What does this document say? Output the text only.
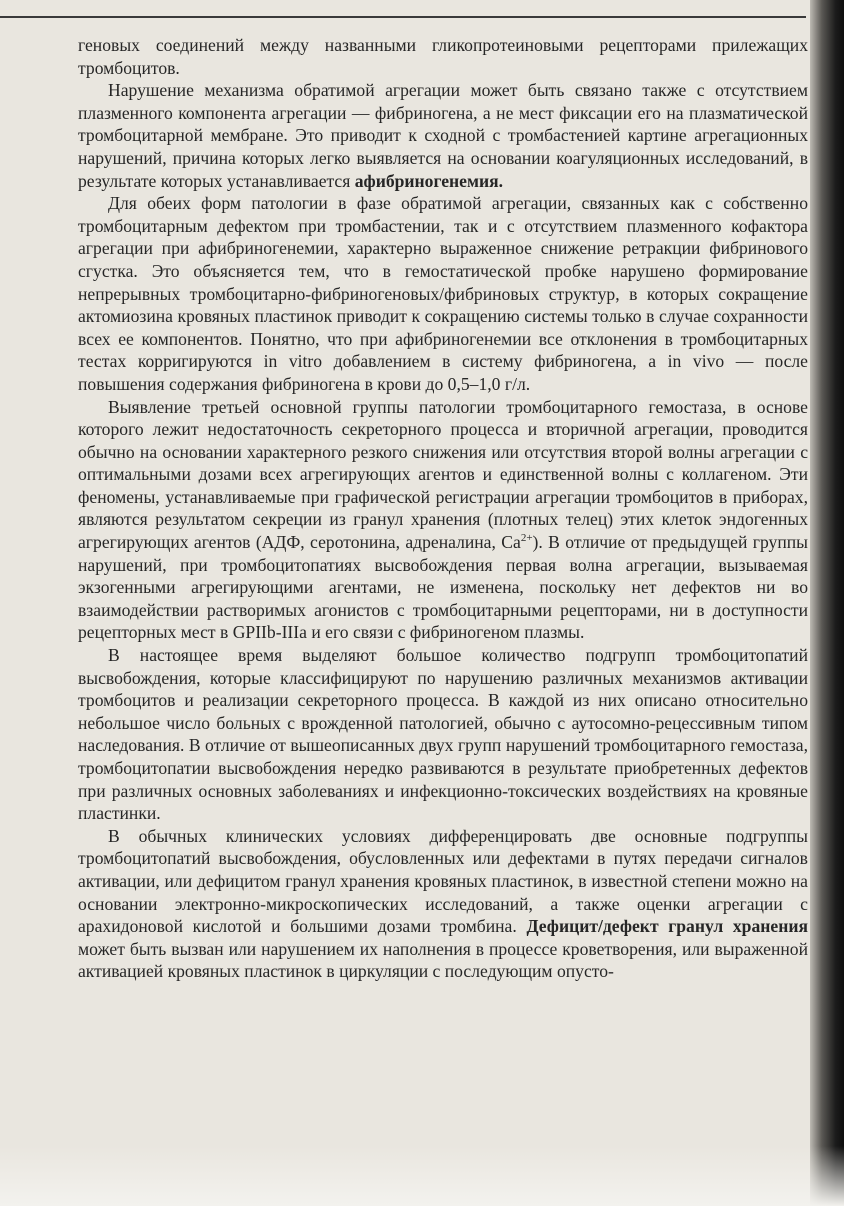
геновых соединений между названными гликопротеиновыми рецепторами прилежащих тромбоцитов.

Нарушение механизма обратимой агрегации может быть связано также с отсутствием плазменного компонента агрегации — фибриногена, а не мест фиксации его на плазматической тромбоцитарной мембране. Это приводит к сходной с тромбастенией картине агрегационных нарушений, причина которых легко выявляется на основании коагуляционных исследований, в результате которых устанавливается афибриногенемия.

Для обеих форм патологии в фазе обратимой агрегации, связанных как с собственно тромбоцитарным дефектом при тромбастении, так и с отсутствием плазменного кофактора агрегации при афибриногенемии, характерно выраженное снижение ретракции фибринового сгустка. Это объясняется тем, что в гемостатической пробке нарушено формирование непрерывных тромбоцитарно-фибриногеновых/фибриновых структур, в которых сокращение актомиозина кровяных пластинок приводит к сокращению системы только в случае сохранности всех ее компонентов. Понятно, что при афибриногенемии все отклонения в тромбоцитарных тестах корригируются in vitro добавлением в систему фибриногена, а in vivo — после повышения содержания фибриногена в крови до 0,5–1,0 г/л.

Выявление третьей основной группы патологии тромбоцитарного гемостаза, в основе которого лежит недостаточность секреторного процесса и вторичной агрегации, проводится обычно на основании характерного резкого снижения или отсутствия второй волны агрегации с оптимальными дозами всех агрегирующих агентов и единственной волны с коллагеном. Эти феномены, устанавливаемые при графической регистрации агрегации тромбоцитов в приборах, являются результатом секреции из гранул хранения (плотных телец) этих клеток эндогенных агрегирующих агентов (АДФ, серотонина, адреналина, $Ca^{2+}$). В отличие от предыдущей группы нарушений, при тромбоцитопатиях высвобождения первая волна агрегации, вызываемая экзогенными агрегирующими агентами, не изменена, поскольку нет дефектов ни во взаимодействии растворимых агонистов с тромбоцитарными рецепторами, ни в доступности рецепторных мест в GPIIb-IIIa и его связи с фибриногеном плазмы.

В настоящее время выделяют большое количество подгрупп тромбоцитопатий высвобождения, которые классифицируют по нарушению различных механизмов активации тромбоцитов и реализации секреторного процесса. В каждой из них описано относительно небольшое число больных с врожденной патологией, обычно с аутосомно-рецессивным типом наследования. В отличие от вышеописанных двух групп нарушений тромбоцитарного гемостаза, тромбоцитопатии высвобождения нередко развиваются в результате приобретенных дефектов при различных основных заболеваниях и инфекционно-токсических воздействиях на кровяные пластинки.

В обычных клинических условиях дифференцировать две основные подгруппы тромбоцитопатий высвобождения, обусловленных или дефектами в путях передачи сигналов активации, или дефицитом гранул хранения кровяных пластинок, в известной степени можно на основании электронно-микроскопических исследований, а также оценки агрегации с арахидоновой кислотой и большими дозами тромбина. Дефицит/дефект гранул хранения может быть вызван или нарушением их наполнения в процессе кроветворения, или выраженной активацией кровяных пластинок в циркуляции с последующим опусто-
